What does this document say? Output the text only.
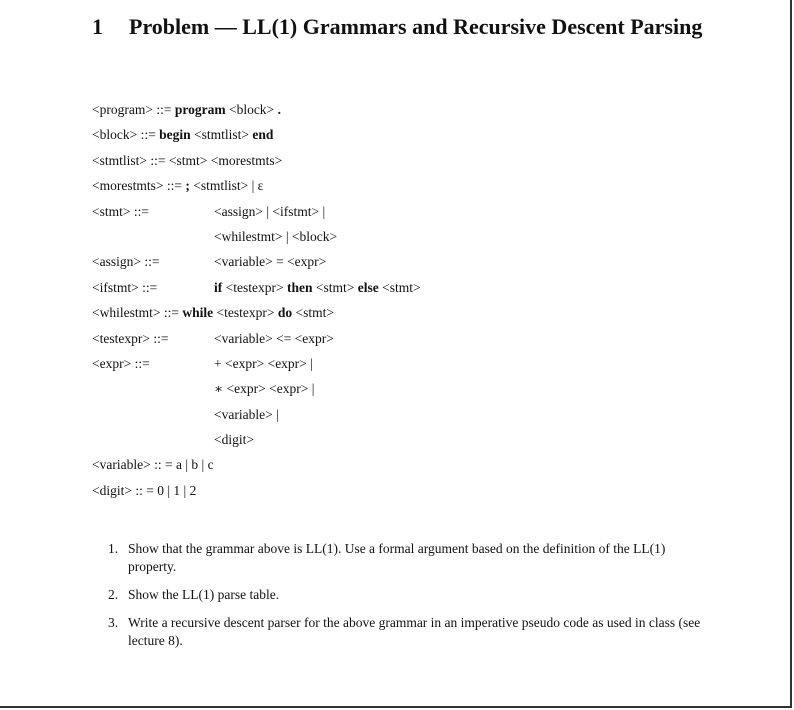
1 Problem — LL(1) Grammars and Recursive Descent Parsing
<program> ::= program <block> .
<block> ::= begin <stmtlist> end
<stmtlist> ::= <stmt> <morestmts>
<morestmts> ::= ; <stmtlist> | ε
<stmt> ::=	<assign> | <ifstmt> |
<whilestmt> | <block>
<assign> ::=	<variable> = <expr>
<ifstmt> ::=	if <testexpr> then <stmt> else <stmt>
<whilestmt> ::= while <testexpr> do <stmt>
<testexpr> ::=	<variable> <= <expr>
<expr> ::=	+ <expr> <expr> |
∗ <expr> <expr> |
<variable> |
<digit>
<variable> :: = a | b | c
<digit> :: = 0 | 1 | 2
1. Show that the grammar above is LL(1). Use a formal argument based on the definition of the LL(1) property.
2. Show the LL(1) parse table.
3. Write a recursive descent parser for the above grammar in an imperative pseudo code as used in class (see lecture 8).
